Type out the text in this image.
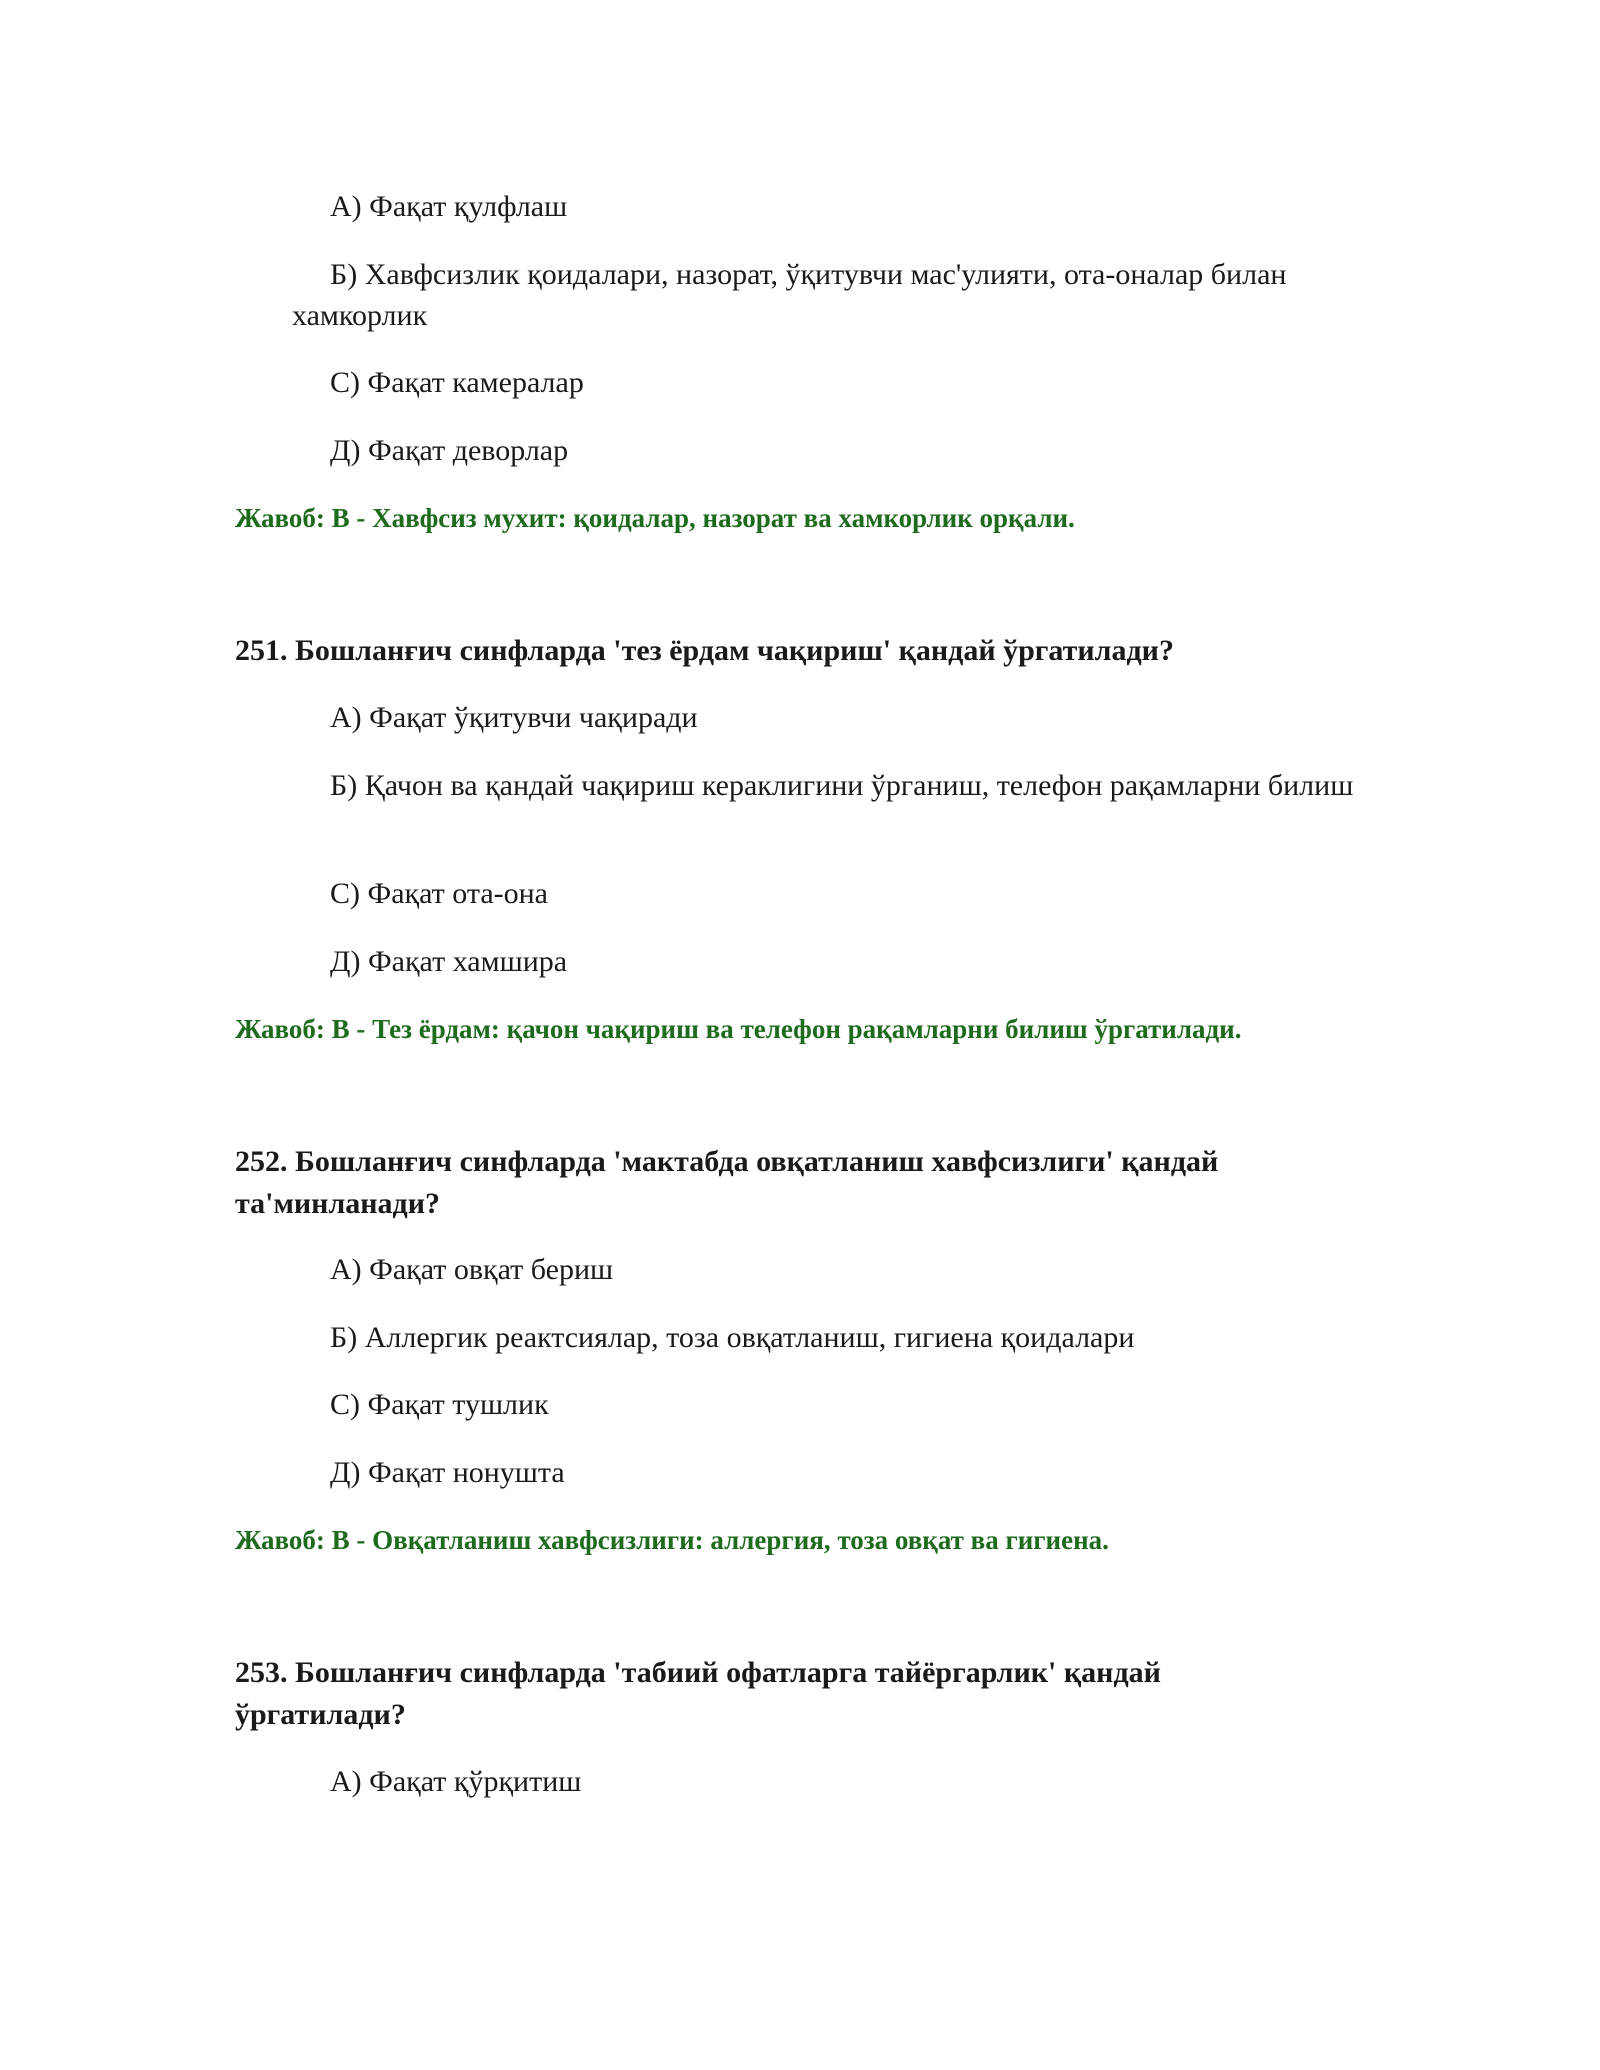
А) Фақат қулфлаш
Б) Хавфсизлик қоидалари, назорат, ўқитувчи мас'улияти, ота-оналар билан хамкорлик
С) Фақат камералар
Д) Фақат деворлар
Жавоб: В - Хавфсиз мухит: қоидалар, назорат ва хамкорлик орқали.
251. Бошланғич синфларда 'тез ёрдам чақириш' қандай ўргатилади?
А) Фақат ўқитувчи чақиради
Б) Қачон ва қандай чақириш кераклигини ўрганиш, телефон рақамларни билиш
С) Фақат ота-она
Д) Фақат хамшира
Жавоб: В - Тез ёрдам: қачон чақириш ва телефон рақамларни билиш ўргатилади.
252. Бошланғич синфларда 'мактабда овқатланиш хавфсизлиги' қандай та'минланади?
А) Фақат овқат бериш
Б) Аллергик реактсиялар, тоза овқатланиш, гигиена қоидалари
С) Фақат тушлик
Д) Фақат нонушта
Жавоб: В - Овқатланиш хавфсизлиги: аллергия, тоза овқат ва гигиена.
253. Бошланғич синфларда 'табиий офатларга тайёргарлик' қандай ўргатилади?
А) Фақат қўрқитиш
